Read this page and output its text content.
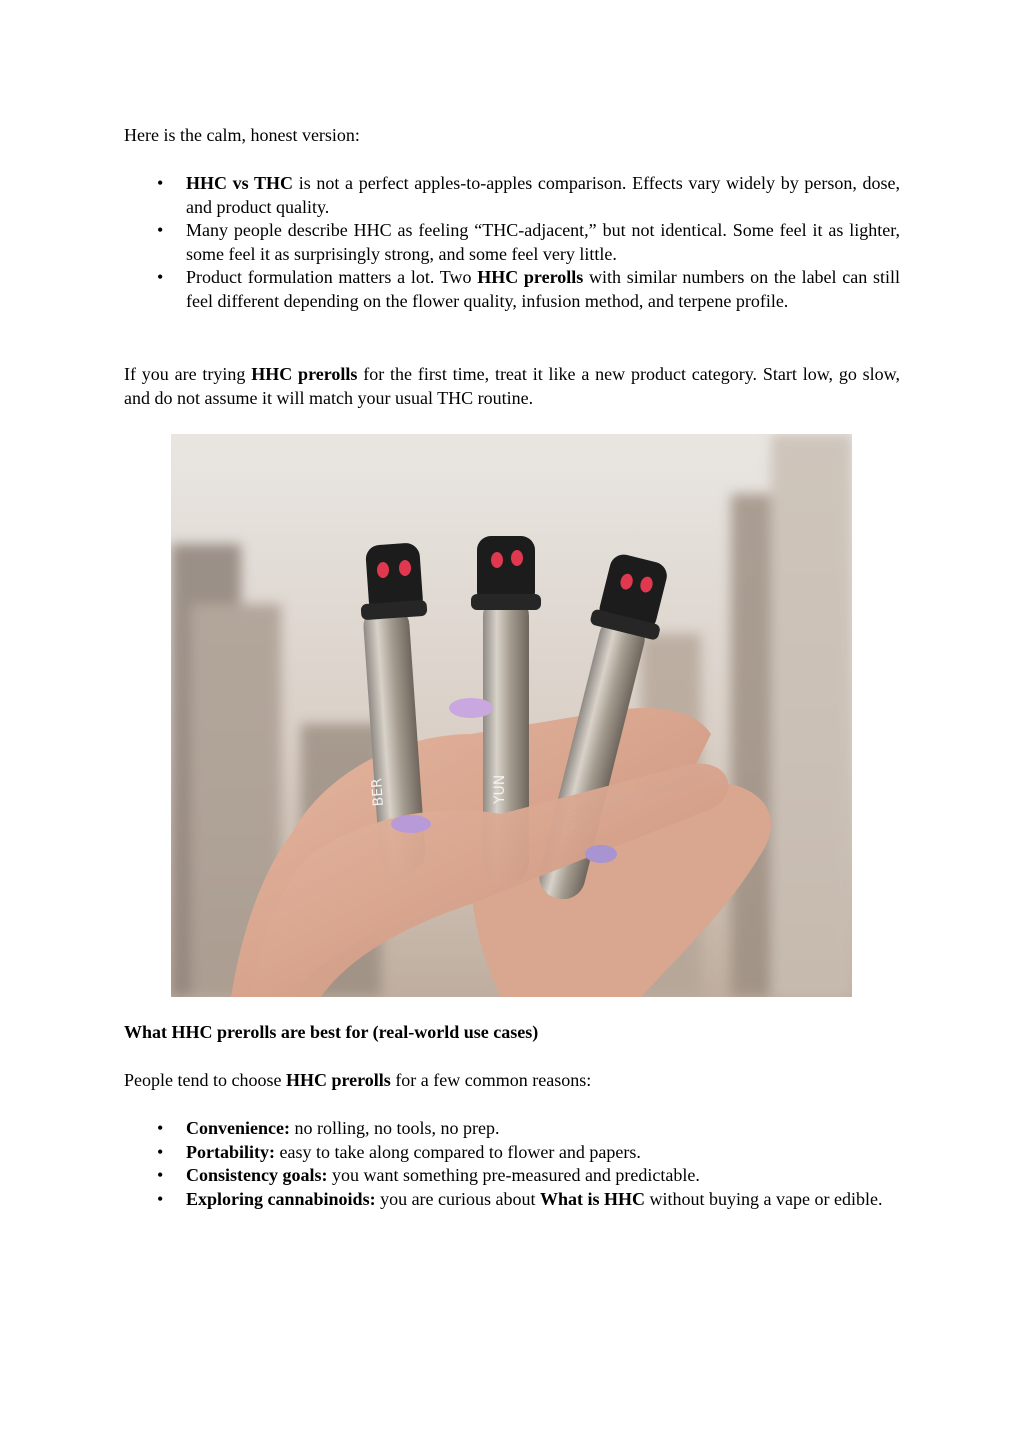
Here is the calm, honest version:

• HHC vs THC is not a perfect apples-to-apples comparison. Effects vary widely by person, dose, and product quality.
• Many people describe HHC as feeling “THC-adjacent,” but not identical. Some feel it as lighter, some feel it as surprisingly strong, and some feel very little.
• Product formulation matters a lot. Two HHC prerolls with similar numbers on the label can still feel different depending on the flower quality, infusion method, and terpene profile.

If you are trying HHC prerolls for the first time, treat it like a new product category. Start low, go slow, and do not assume it will match your usual THC routine.

BER	YUN

What HHC prerolls are best for (real-world use cases)

People tend to choose HHC prerolls for a few common reasons:

• Convenience: no rolling, no tools, no prep.
• Portability: easy to take along compared to flower and papers.
• Consistency goals: you want something pre-measured and predictable.
• Exploring cannabinoids: you are curious about What is HHC without buying a vape or edible.
